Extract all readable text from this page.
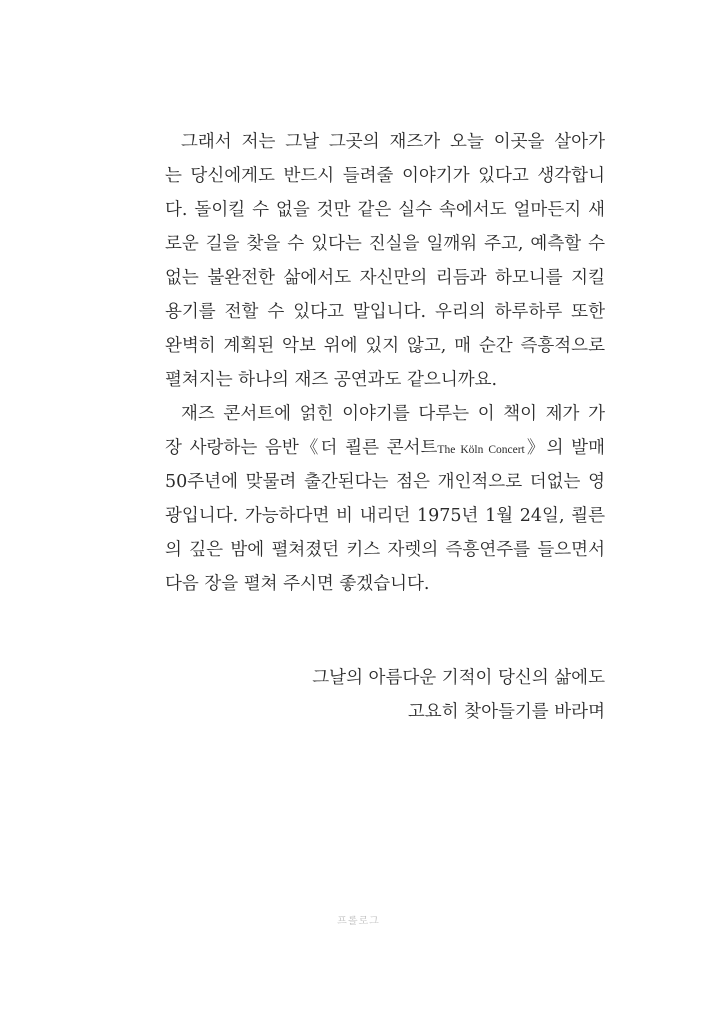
그래서 저는 그날 그곳의 재즈가 오늘 이곳을 살아가
는 당신에게도 반드시 들려줄 이야기가 있다고 생각합니
다. 돌이킬 수 없을 것만 같은 실수 속에서도 얼마든지 새
로운 길을 찾을 수 있다는 진실을 일깨워 주고, 예측할 수
없는 불완전한 삶에서도 자신만의 리듬과 하모니를 지킬
용기를 전할 수 있다고 말입니다. 우리의 하루하루 또한
완벽히 계획된 악보 위에 있지 않고, 매 순간 즉흥적으로
펼쳐지는 하나의 재즈 공연과도 같으니까요.
재즈 콘서트에 얽힌 이야기를 다루는 이 책이 제가 가
장 사랑하는 음반《더 쾰른 콘서트The Köln Concert》의 발매
50주년에 맞물려 출간된다는 점은 개인적으로 더없는 영
광입니다. 가능하다면 비 내리던 1975년 1월 24일, 쾰른
의 깊은 밤에 펼쳐졌던 키스 자렛의 즉흥연주를 들으면서
다음 장을 펼쳐 주시면 좋겠습니다.
그날의 아름다운 기적이 당신의 삶에도
고요히 찾아들기를 바라며
프롤로그
